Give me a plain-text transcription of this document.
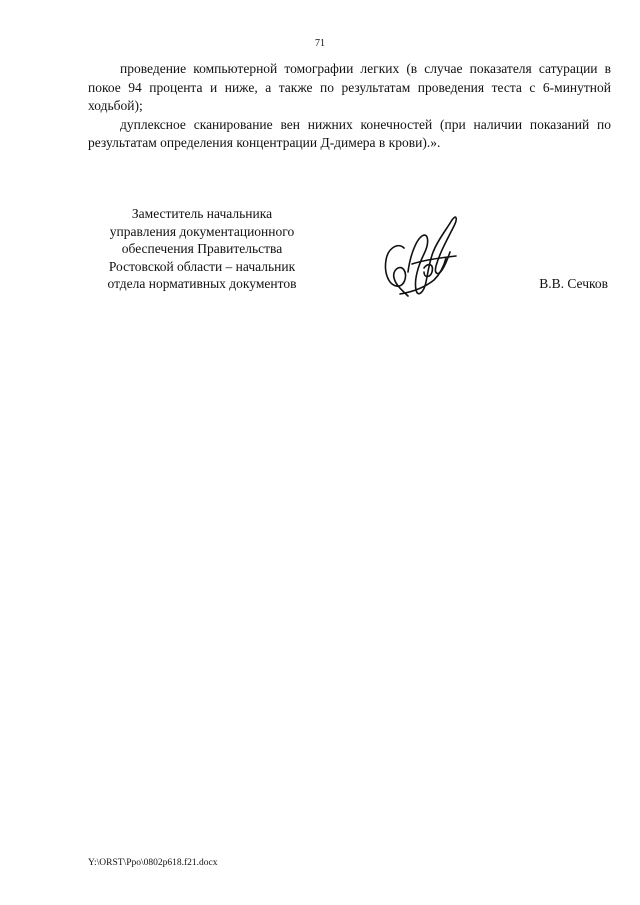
71

проведение компьютерной томографии легких (в случае показателя сатурации в покое 94 процента и ниже, а также по результатам проведения теста с 6-минутной ходьбой);

дуплексное сканирование вен нижних конечностей (при наличии показаний по результатам определения концентрации Д-димера в крови).».

Заместитель начальника
управления документационного
обеспечения Правительства
Ростовской области – начальник
отдела нормативных документов	В.В. Сечков
Y:\ORST\Ppo\0802p618.f21.docx
